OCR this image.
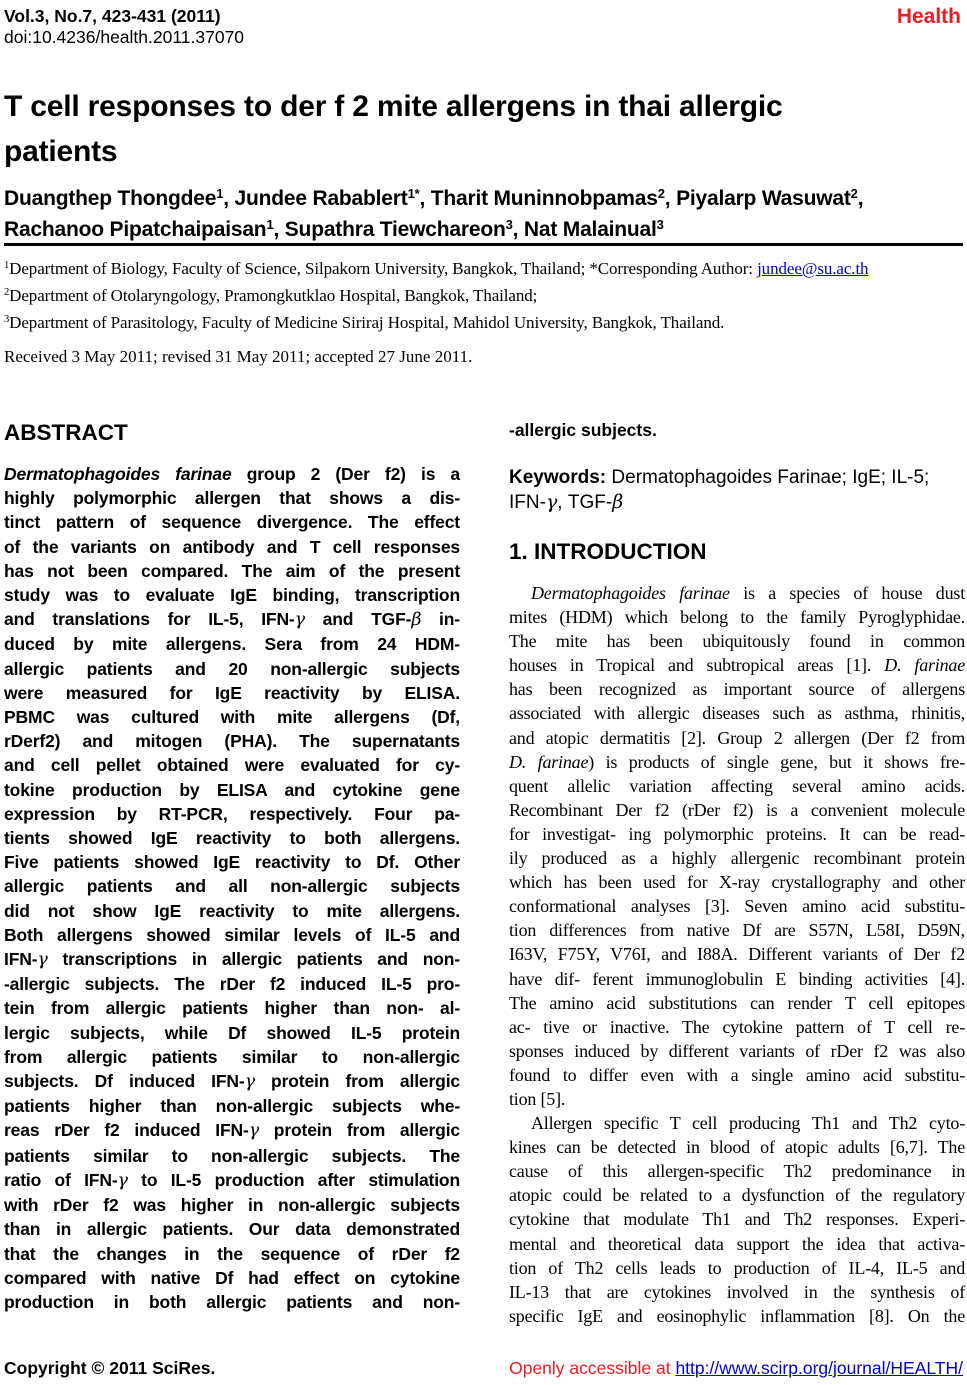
Vol.3, No.7, 423-431 (2011)
doi:10.4236/health.2011.37070
Health
T cell responses to der f 2 mite allergens in thai allergic
patients
Duangthep Thongdee$^1$, Jundee Rabablert$^{1*}$, Tharit Muninnobpamas$^2$, Piyalarp Wasuwat$^2$,
Rachanoo Pipatchaipaisan$^1$, Supathra Tiewchareon$^3$, Nat Malainual$^3$
$^1$Department of Biology, Faculty of Science, Silpakorn University, Bangkok, Thailand; *Corresponding Author: jundee@su.ac.th
$^2$Department of Otolaryngology, Pramongkutklao Hospital, Bangkok, Thailand;
$^3$Department of Parasitology, Faculty of Medicine Siriraj Hospital, Mahidol University, Bangkok, Thailand.
Received 3 May 2011; revised 31 May 2011; accepted 27 June 2011.
ABSTRACT
Dermatophagoides farinae group 2 (Der f2) is a
highly polymorphic allergen that shows a dis-
tinct pattern of sequence divergence. The effect
of the variants on antibody and T cell responses
has not been compared. The aim of the present
study was to evaluate IgE binding, transcription
and translations for IL-5, IFN-γ and TGF-β in-
duced by mite allergens. Sera from 24 HDM-
allergic patients and 20 non-allergic subjects
were measured for IgE reactivity by ELISA.
PBMC was cultured with mite allergens (Df,
rDerf2) and mitogen (PHA). The supernatants
and cell pellet obtained were evaluated for cy-
tokine production by ELISA and cytokine gene
expression by RT-PCR, respectively. Four pa-
tients showed IgE reactivity to both allergens.
Five patients showed IgE reactivity to Df. Other
allergic patients and all non-allergic subjects
did not show IgE reactivity to mite allergens.
Both allergens showed similar levels of IL-5 and
IFN-γ transcriptions in allergic patients and non-
-allergic subjects. The rDer f2 induced IL-5 pro-
tein from allergic patients higher than non- al-
lergic subjects, while Df showed IL-5 protein
from allergic patients similar to non-allergic
subjects. Df induced IFN-γ protein from allergic
patients higher than non-allergic subjects whe-
reas rDer f2 induced IFN-γ protein from allergic
patients similar to non-allergic subjects. The
ratio of IFN-γ to IL-5 production after stimulation
with rDer f2 was higher in non-allergic subjects
than in allergic patients. Our data demonstrated
that the changes in the sequence of rDer f2
compared with native Df had effect on cytokine
production in both allergic patients and non-
-allergic subjects.
Keywords: Dermatophagoides Farinae; IgE; IL-5;
IFN-γ, TGF-β
1. INTRODUCTION
Dermatophagoides farinae is a species of house dust
mites (HDM) which belong to the family Pyroglyphidae.
The mite has been ubiquitously found in common
houses in Tropical and subtropical areas [1]. D. farinae
has been recognized as important source of allergens
associated with allergic diseases such as asthma, rhinitis,
and atopic dermatitis [2]. Group 2 allergen (Der f2 from
D. farinae) is products of single gene, but it shows fre-
quent allelic variation affecting several amino acids.
Recombinant Der f2 (rDer f2) is a convenient molecule
for investigat- ing polymorphic proteins. It can be read-
ily produced as a highly allergenic recombinant protein
which has been used for X-ray crystallography and other
conformational analyses [3]. Seven amino acid substitu-
tion differences from native Df are S57N, L58I, D59N,
I63V, F75Y, V76I, and I88A. Different variants of Der f2
have dif- ferent immunoglobulin E binding activities [4].
The amino acid substitutions can render T cell epitopes
ac- tive or inactive. The cytokine pattern of T cell re-
sponses induced by different variants of rDer f2 was also
found to differ even with a single amino acid substitu-
tion [5].
Allergen specific T cell producing Th1 and Th2 cyto-
kines can be detected in blood of atopic adults [6,7]. The
cause of this allergen-specific Th2 predominance in
atopic could be related to a dysfunction of the regulatory
cytokine that modulate Th1 and Th2 responses. Experi-
mental and theoretical data support the idea that activa-
tion of Th2 cells leads to production of IL-4, IL-5 and
IL-13 that are cytokines involved in the synthesis of
specific IgE and eosinophylic inflammation [8]. On the
Copyright © 2011 SciRes.	Openly accessible at http://www.scirp.org/journal/HEALTH/
